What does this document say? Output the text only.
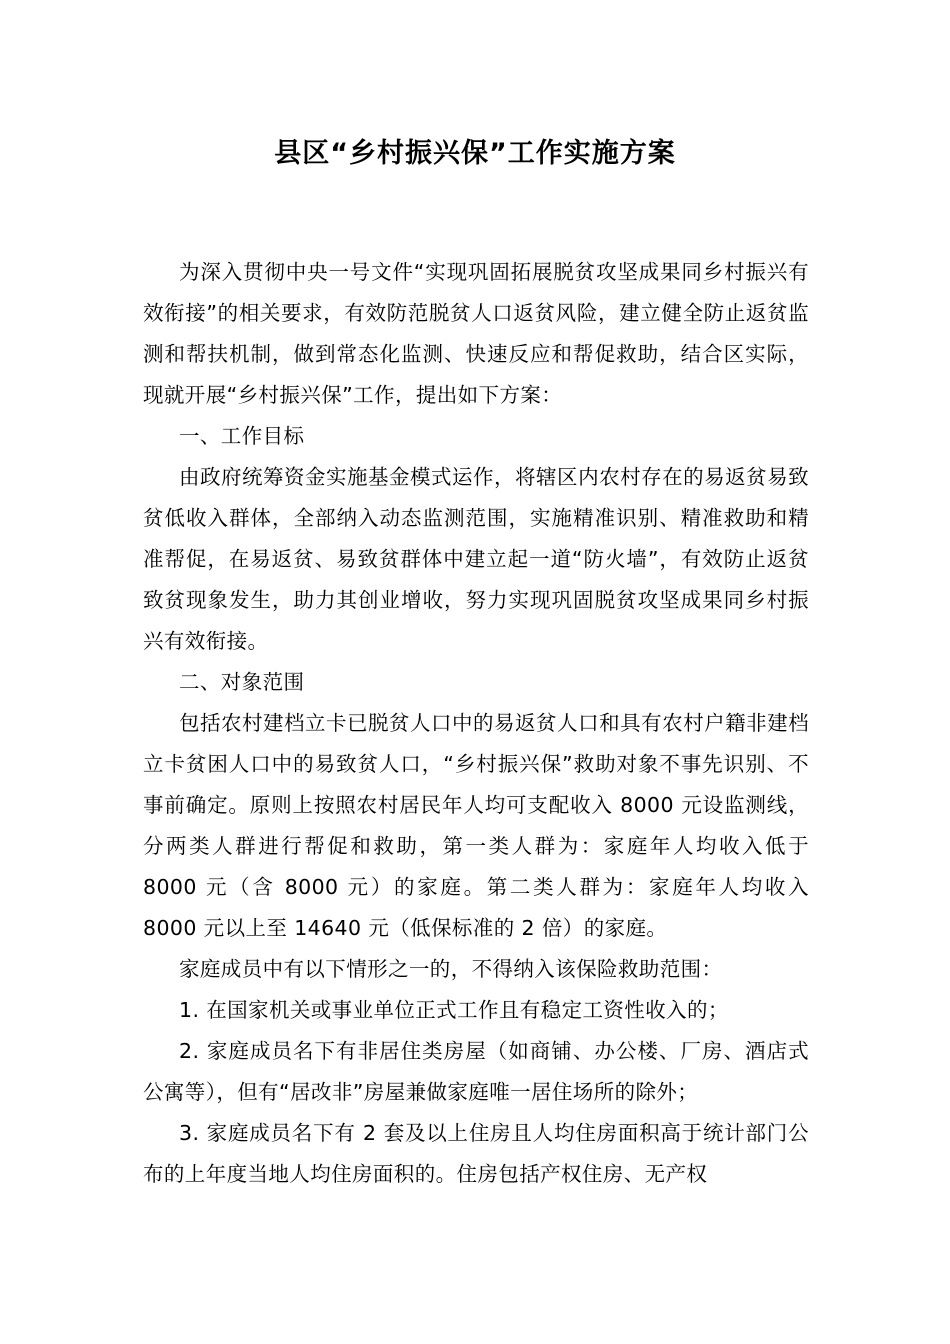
县区“乡村振兴保”工作实施方案

为深入贯彻中央一号文件“实现巩固拓展脱贫攻坚成果同乡村振兴有效衔接”的相关要求，有效防范脱贫人口返贫风险，建立健全防止返贫监测和帮扶机制，做到常态化监测、快速反应和帮促救助，结合区实际，现就开展“乡村振兴保”工作，提出如下方案：

一、工作目标

由政府统筹资金实施基金模式运作，将辖区内农村存在的易返贫易致贫低收入群体，全部纳入动态监测范围，实施精准识别、精准救助和精准帮促，在易返贫、易致贫群体中建立起一道“防火墙”，有效防止返贫致贫现象发生，助力其创业增收，努力实现巩固脱贫攻坚成果同乡村振兴有效衔接。

二、对象范围

包括农村建档立卡已脱贫人口中的易返贫人口和具有农村户籍非建档立卡贫困人口中的易致贫人口，“乡村振兴保”救助对象不事先识别、不事前确定。原则上按照农村居民年人均可支配收入 8000 元设监测线，分两类人群进行帮促和救助，第一类人群为：家庭年人均收入低于 8000 元（含 8000 元）的家庭。第二类人群为：家庭年人均收入 8000 元以上至 14640 元（低保标准的 2 倍）的家庭。

家庭成员中有以下情形之一的，不得纳入该保险救助范围：

1. 在国家机关或事业单位正式工作且有稳定工资性收入的；

2. 家庭成员名下有非居住类房屋（如商铺、办公楼、厂房、酒店式公寓等），但有“居改非”房屋兼做家庭唯一居住场所的除外；

3. 家庭成员名下有 2 套及以上住房且人均住房面积高于统计部门公布的上年度当地人均住房面积的。住房包括产权住房、无产权
